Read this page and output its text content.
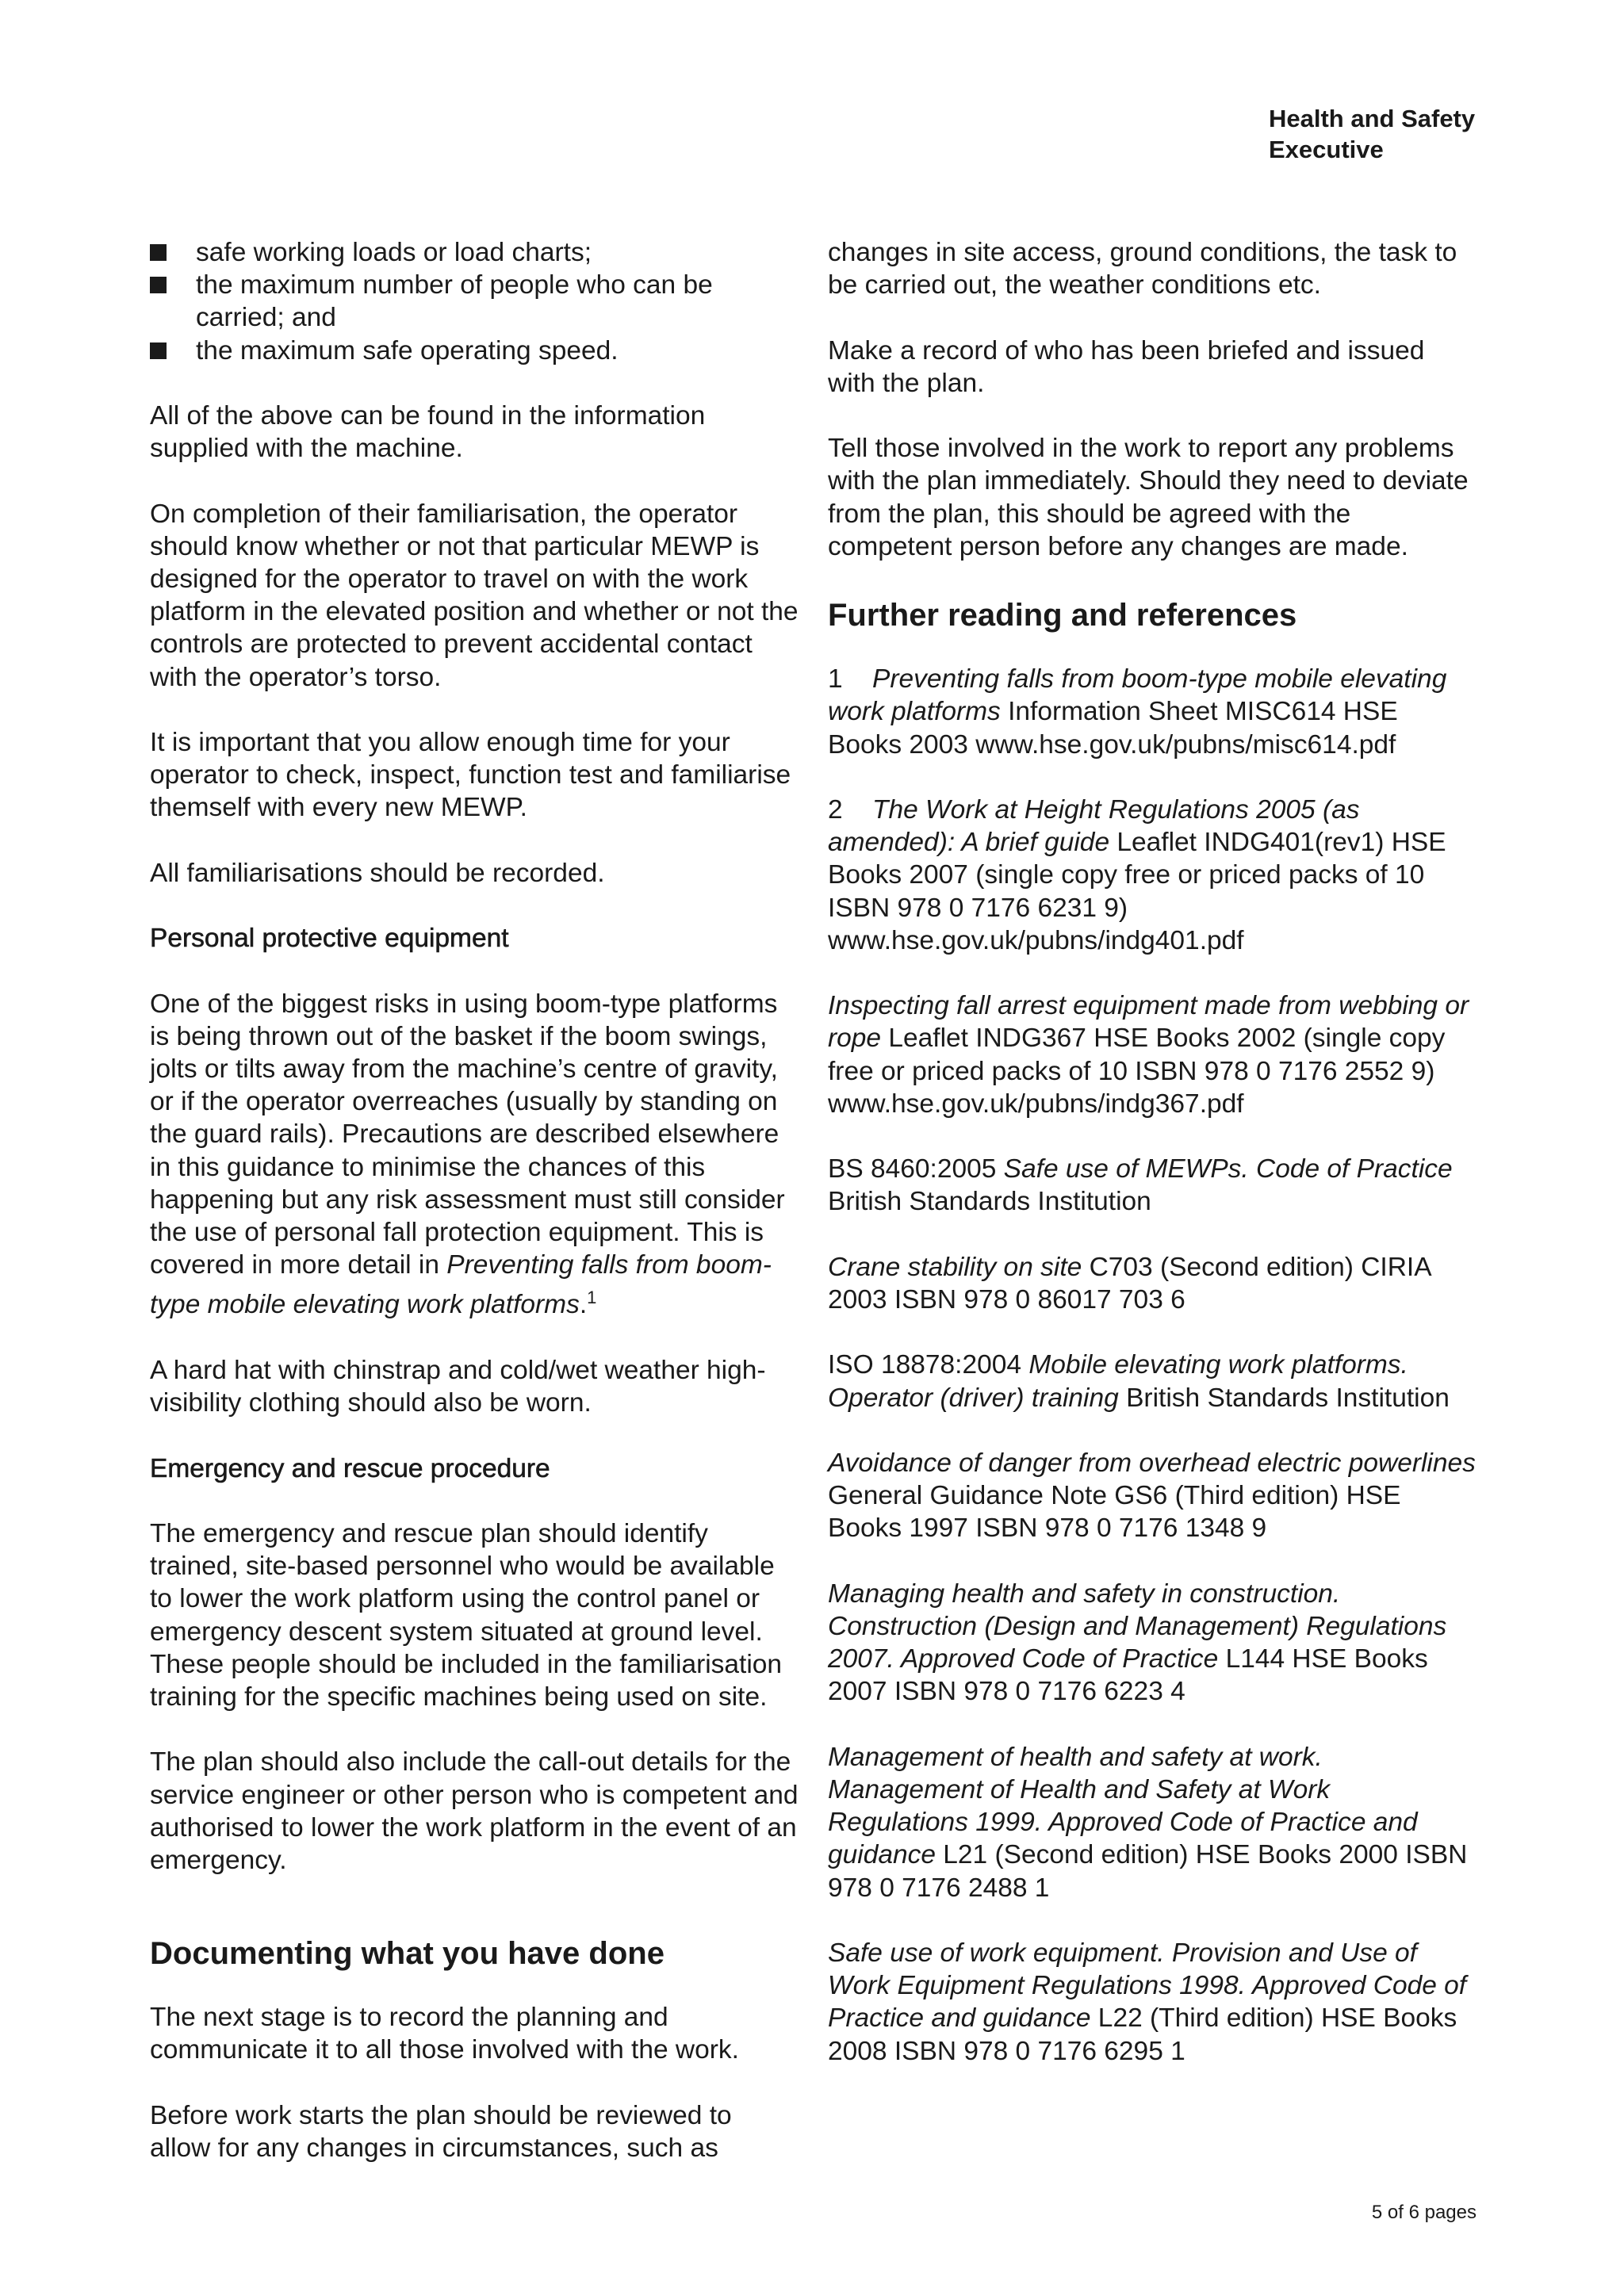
Health and Safety
Executive
safe working loads or load charts;
the maximum number of people who can be carried; and
the maximum safe operating speed.

All of the above can be found in the information supplied with the machine.

On completion of their familiarisation, the operator should know whether or not that particular MEWP is designed for the operator to travel on with the work platform in the elevated position and whether or not the controls are protected to prevent accidental contact with the operator’s torso.

It is important that you allow enough time for your operator to check, inspect, function test and familiarise themself with every new MEWP.

All familiarisations should be recorded.

Personal protective equipment

One of the biggest risks in using boom-type platforms is being thrown out of the basket if the boom swings, jolts or tilts away from the machine’s centre of gravity, or if the operator overreaches (usually by standing on the guard rails). Precautions are described elsewhere in this guidance to minimise the chances of this happening but any risk assessment must still consider the use of personal fall protection equipment. This is covered in more detail in Preventing falls from boom-type mobile elevating work platforms.$^1$

A hard hat with chinstrap and cold/wet weather high-visibility clothing should also be worn.

Emergency and rescue procedure

The emergency and rescue plan should identify trained, site-based personnel who would be available to lower the work platform using the control panel or emergency descent system situated at ground level. These people should be included in the familiarisation training for the specific machines being used on site.

The plan should also include the call-out details for the service engineer or other person who is competent and authorised to lower the work platform in the event of an emergency.

Documenting what you have done

The next stage is to record the planning and communicate it to all those involved with the work.

Before work starts the plan should be reviewed to allow for any changes in circumstances, such as

changes in site access, ground conditions, the task to be carried out, the weather conditions etc.

Make a record of who has been briefed and issued with the plan.

Tell those involved in the work to report any problems with the plan immediately. Should they need to deviate from the plan, this should be agreed with the competent person before any changes are made.

Further reading and references

1 Preventing falls from boom-type mobile elevating work platforms Information Sheet MISC614 HSE Books 2003 www.hse.gov.uk/pubns/misc614.pdf

2 The Work at Height Regulations 2005 (as amended): A brief guide Leaflet INDG401(rev1) HSE Books 2007 (single copy free or priced packs of 10 ISBN 978 0 7176 6231 9) www.hse.gov.uk/pubns/indg401.pdf

Inspecting fall arrest equipment made from webbing or rope Leaflet INDG367 HSE Books 2002 (single copy free or priced packs of 10 ISBN 978 0 7176 2552 9) www.hse.gov.uk/pubns/indg367.pdf

BS 8460:2005 Safe use of MEWPs. Code of Practice British Standards Institution

Crane stability on site C703 (Second edition) CIRIA 2003 ISBN 978 0 86017 703 6

ISO 18878:2004 Mobile elevating work platforms. Operator (driver) training British Standards Institution

Avoidance of danger from overhead electric powerlines General Guidance Note GS6 (Third edition) HSE Books 1997 ISBN 978 0 7176 1348 9

Managing health and safety in construction. Construction (Design and Management) Regulations 2007. Approved Code of Practice L144 HSE Books 2007 ISBN 978 0 7176 6223 4

Management of health and safety at work. Management of Health and Safety at Work Regulations 1999. Approved Code of Practice and guidance L21 (Second edition) HSE Books 2000 ISBN 978 0 7176 2488 1

Safe use of work equipment. Provision and Use of Work Equipment Regulations 1998. Approved Code of Practice and guidance L22 (Third edition) HSE Books 2008 ISBN 978 0 7176 6295 1

5 of 6 pages
